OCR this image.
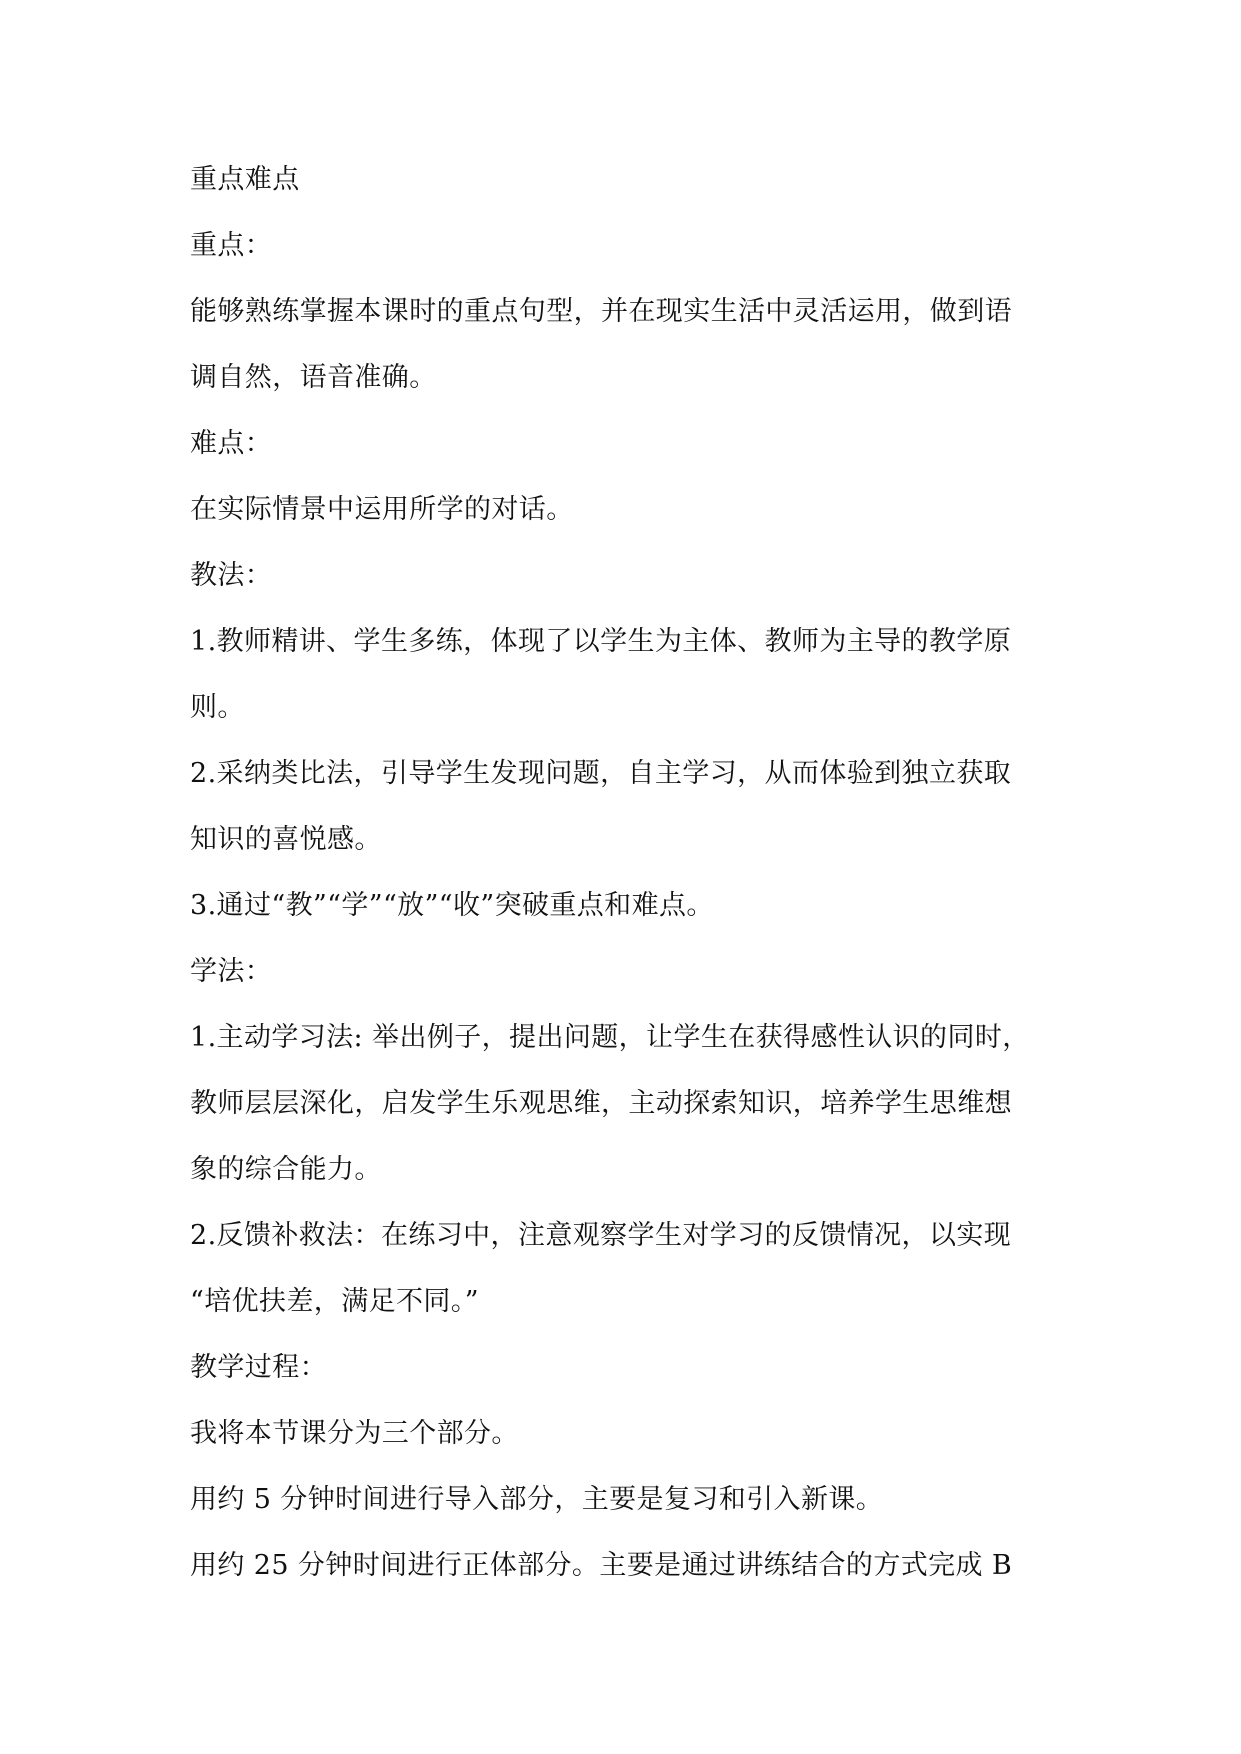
重点难点
重点：
能够熟练掌握本课时的重点句型，并在现实生活中灵活运用，做到语
调自然，语音准确。
难点：
在实际情景中运用所学的对话。
教法：
1.教师精讲、学生多练，体现了以学生为主体、教师为主导的教学原
则。
2.采纳类比法，引导学生发现问题，自主学习，从而体验到独立获取
知识的喜悦感。
3.通过“教”“学”“放”“收”突破重点和难点。
学法：
1.主动学习法: 举出例子，提出问题，让学生在获得感性认识的同时，
教师层层深化，启发学生乐观思维，主动探索知识，培养学生思维想
象的综合能力。
2.反馈补救法：在练习中，注意观察学生对学习的反馈情况，以实现
“培优扶差，满足不同。”
教学过程：
我将本节课分为三个部分。
用约 5 分钟时间进行导入部分，主要是复习和引入新课。
用约 25 分钟时间进行正体部分。主要是通过讲练结合的方式完成 B
